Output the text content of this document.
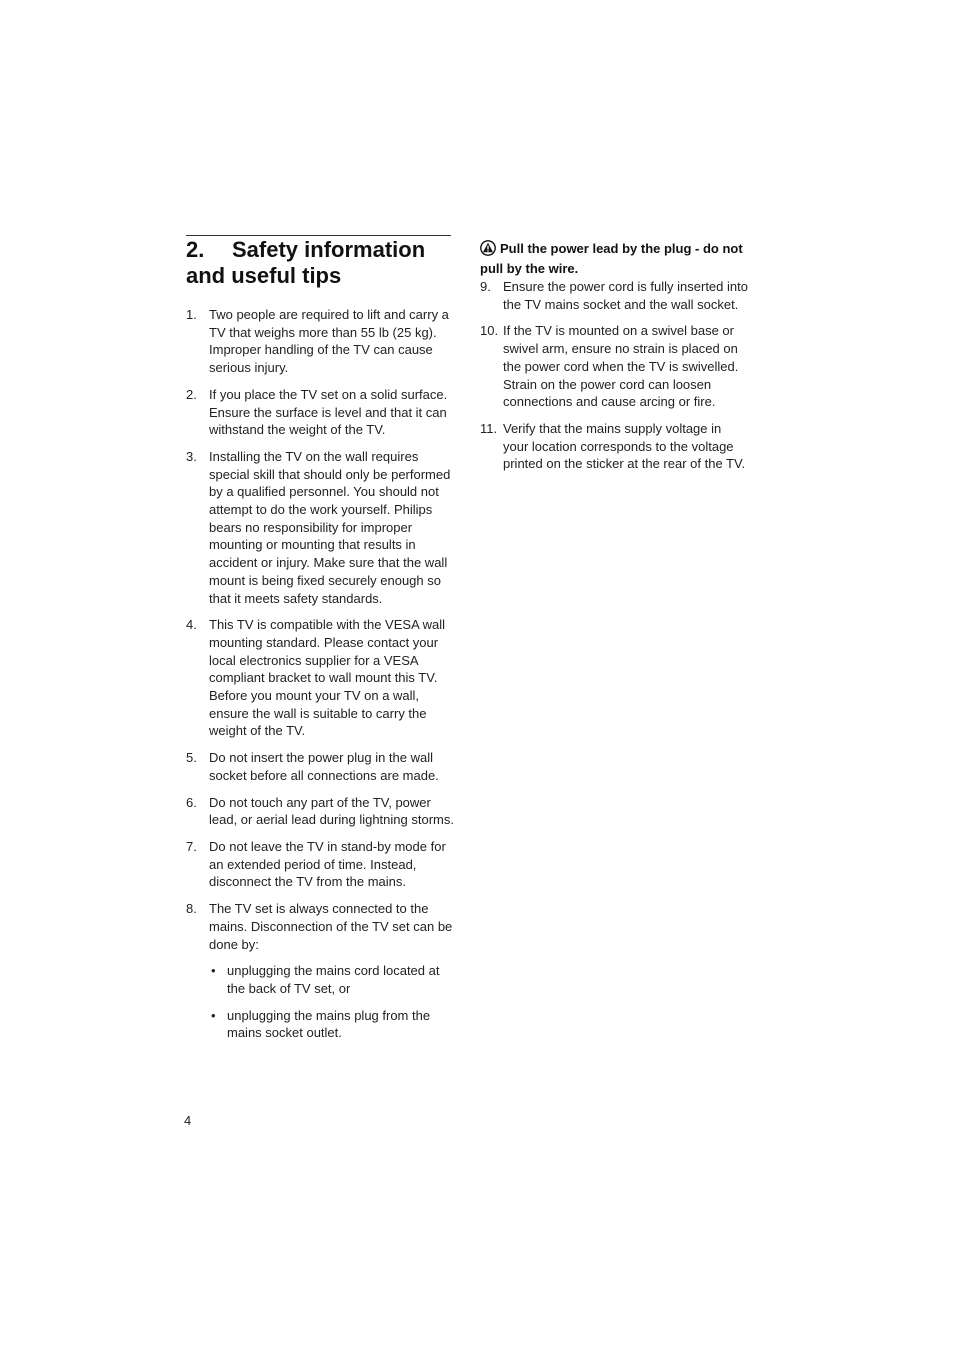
2. Safety information
and useful tips
1. Two people are required to lift and carry a TV that weighs more than 55 lb (25 kg). Improper handling of the TV can cause serious injury.
2. If you place the TV set on a solid surface. Ensure the surface is level and that it can withstand the weight of the TV.
3. Installing the TV on the wall requires special skill that should only be performed by a qualified personnel. You should not attempt to do the work yourself. Philips bears no responsibility for improper mounting or mounting that results in accident or injury. Make sure that the wall mount is being fixed securely enough so that it meets safety standards.
4. This TV is compatible with the VESA wall mounting standard. Please contact your local electronics supplier for a VESA compliant bracket to wall mount this TV. Before you mount your TV on a wall, ensure the wall is suitable to carry the weight of the TV.
5. Do not insert the power plug in the wall socket before all connections are made.
6. Do not touch any part of the TV, power lead, or aerial lead during lightning storms.
7. Do not leave the TV in stand-by mode for an extended period of time. Instead, disconnect the TV from the mains.
8. The TV set is always connected to the mains. Disconnection of the TV set can be done by:
• unplugging the mains cord located at the back of TV set, or
• unplugging the mains plug from the mains socket outlet.
Pull the power lead by the plug - do not pull by the wire.
9. Ensure the power cord is fully inserted into the TV mains socket and the wall socket.
10. If the TV is mounted on a swivel base or swivel arm, ensure no strain is placed on the power cord when the TV is swivelled. Strain on the power cord can loosen connections and cause arcing or fire.
11. Verify that the mains supply voltage in your location corresponds to the voltage printed on the sticker at the rear of the TV.
4
